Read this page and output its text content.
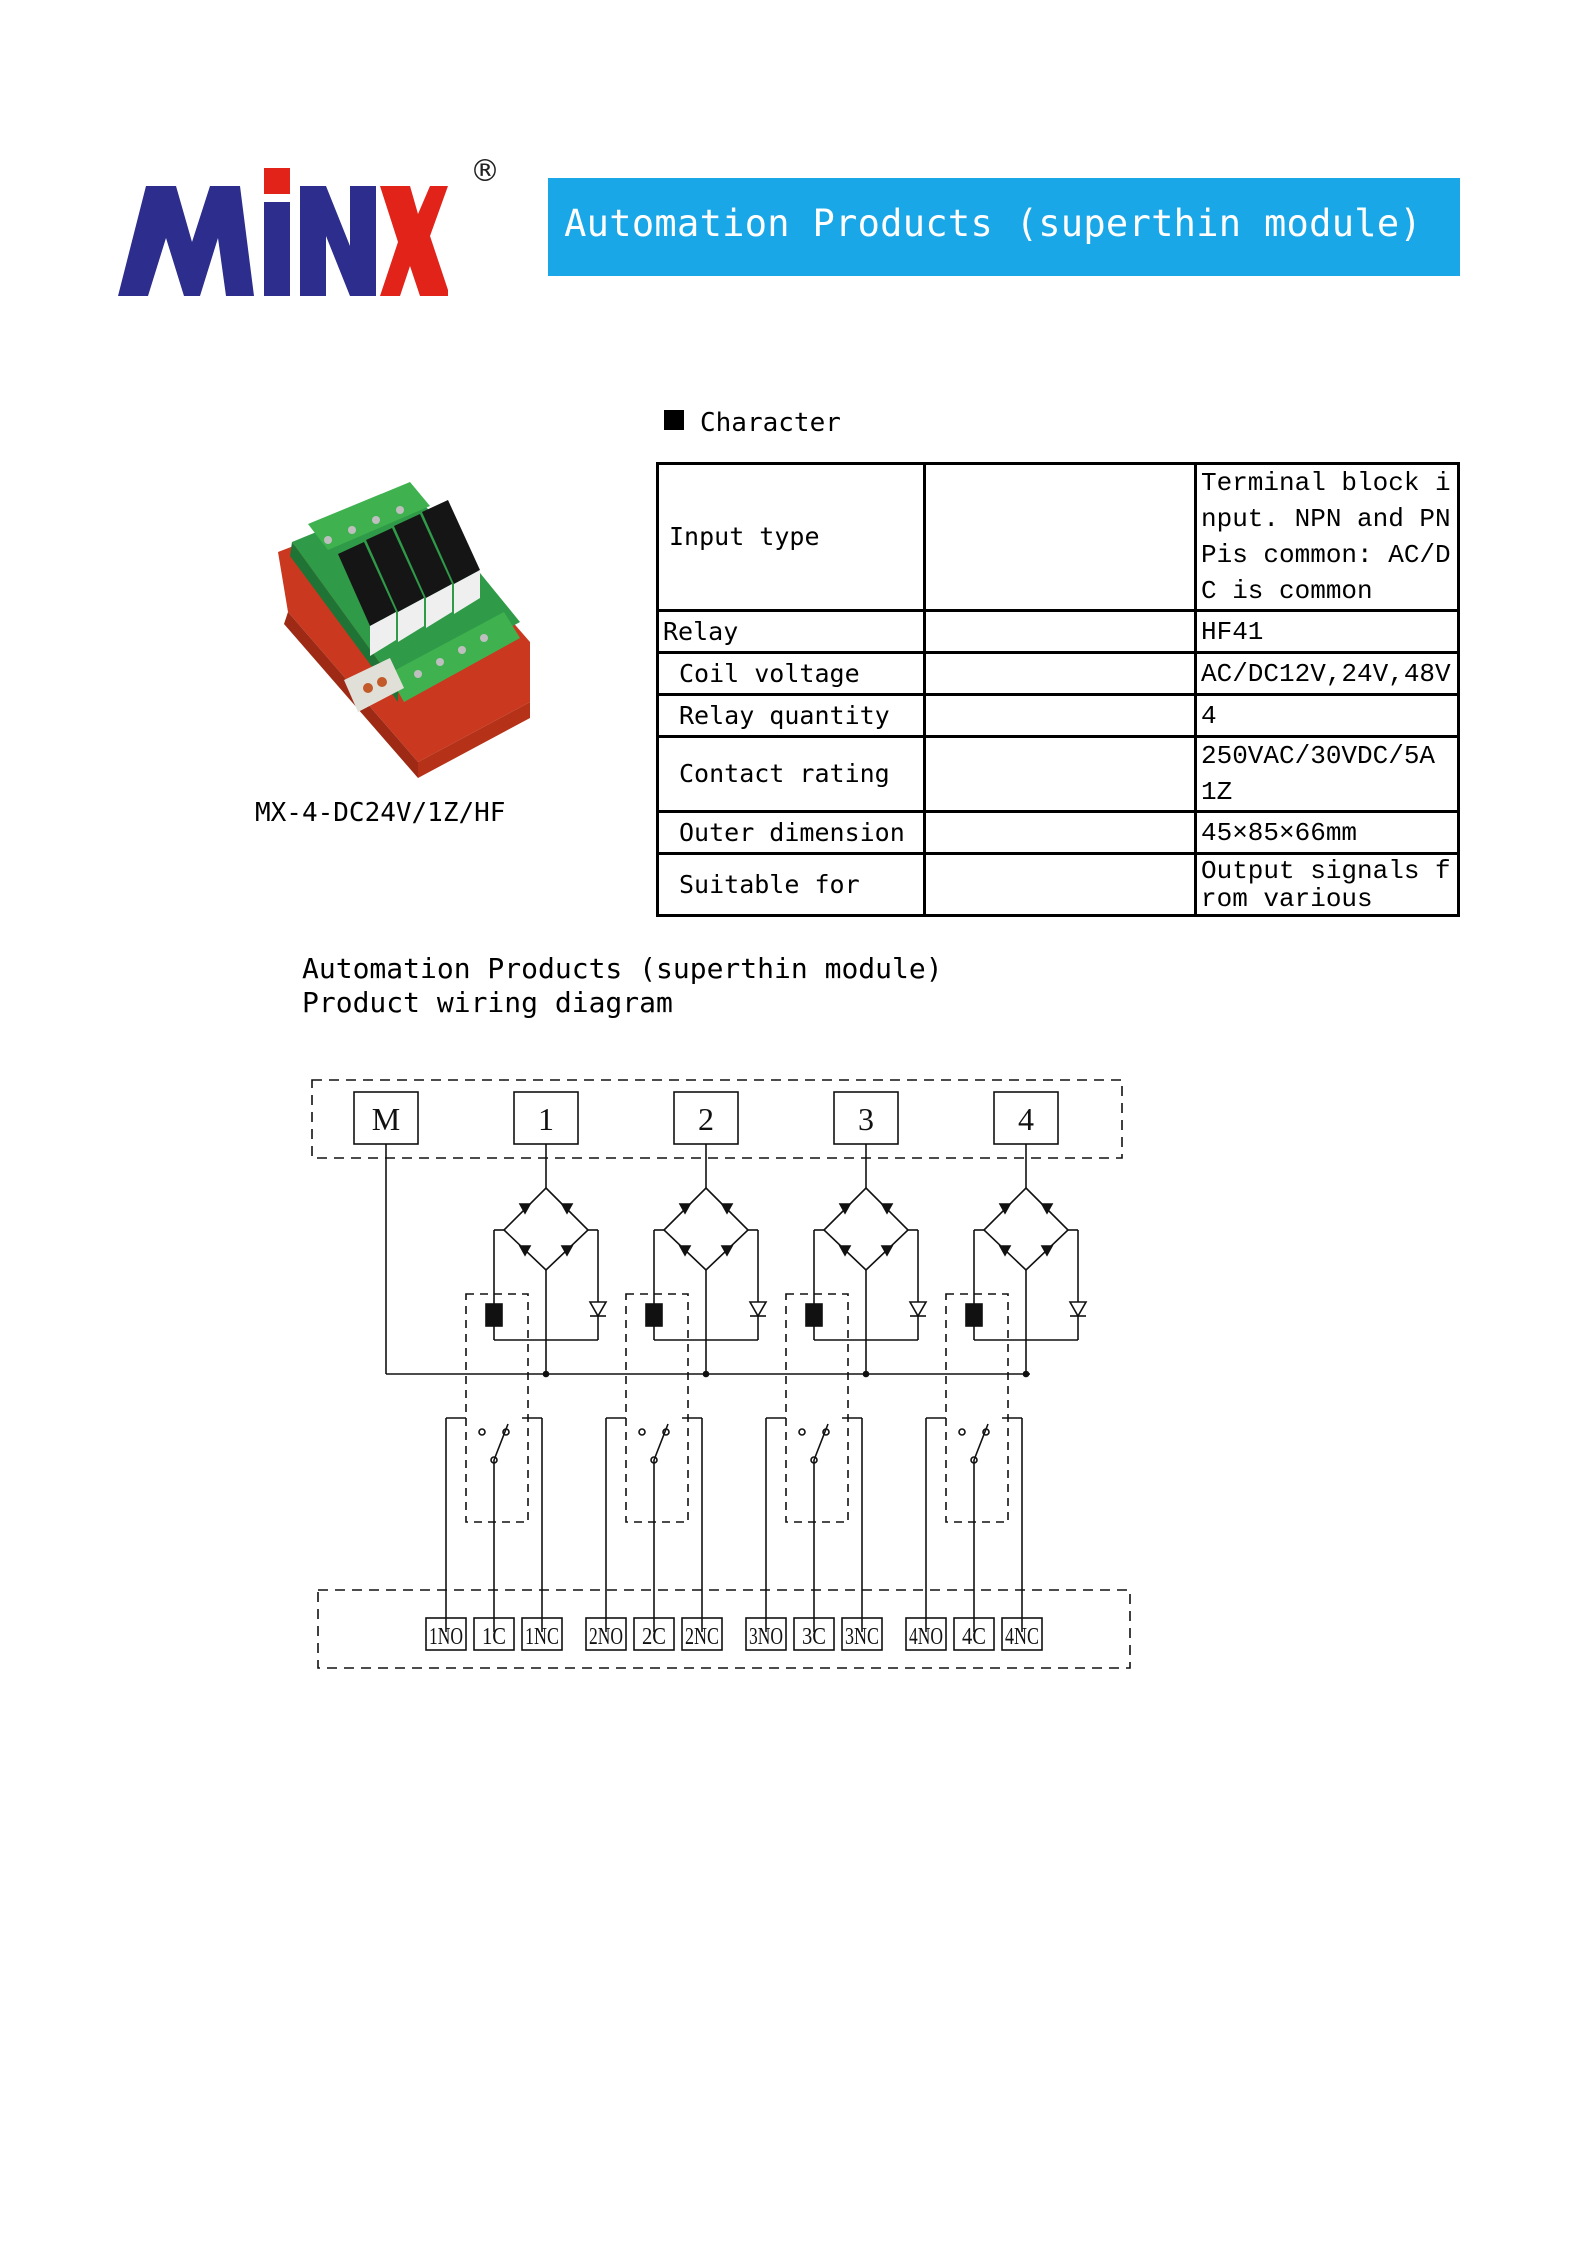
®
Automation Products (superthin module)
MX-4-DC24V/1Z/HF
Character
Input type		Terminal block input. NPN and PNPis common: AC/DC is common
Relay		HF41
Coil voltage		AC/DC12V,24V,48V
Relay quantity		4
Contact rating		250VAC/30VDC/5A 1Z
Outer dimension		45×85×66mm
Suitable for		Output signals from various
Automation Products (superthin module)
Product wiring diagram
M	1	2	3	4
1NO 1C 1NC 2NO 2C 2NC 3NO 3C 3NC 4NO 4C 4NC
